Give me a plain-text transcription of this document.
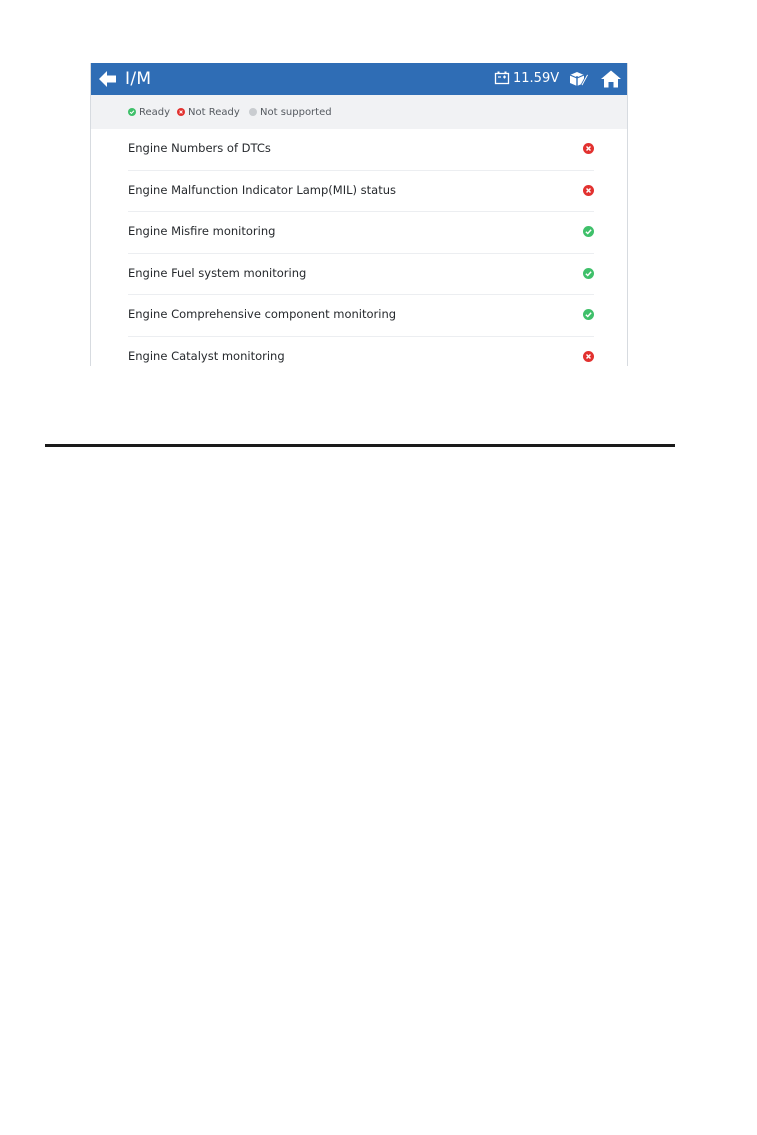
I/M	11.59V
Ready	Not Ready	Not supported
Engine Numbers of DTCs
Engine Malfunction Indicator Lamp(MIL) status
Engine Misfire monitoring
Engine Fuel system monitoring
Engine Comprehensive component monitoring
Engine Catalyst monitoring
